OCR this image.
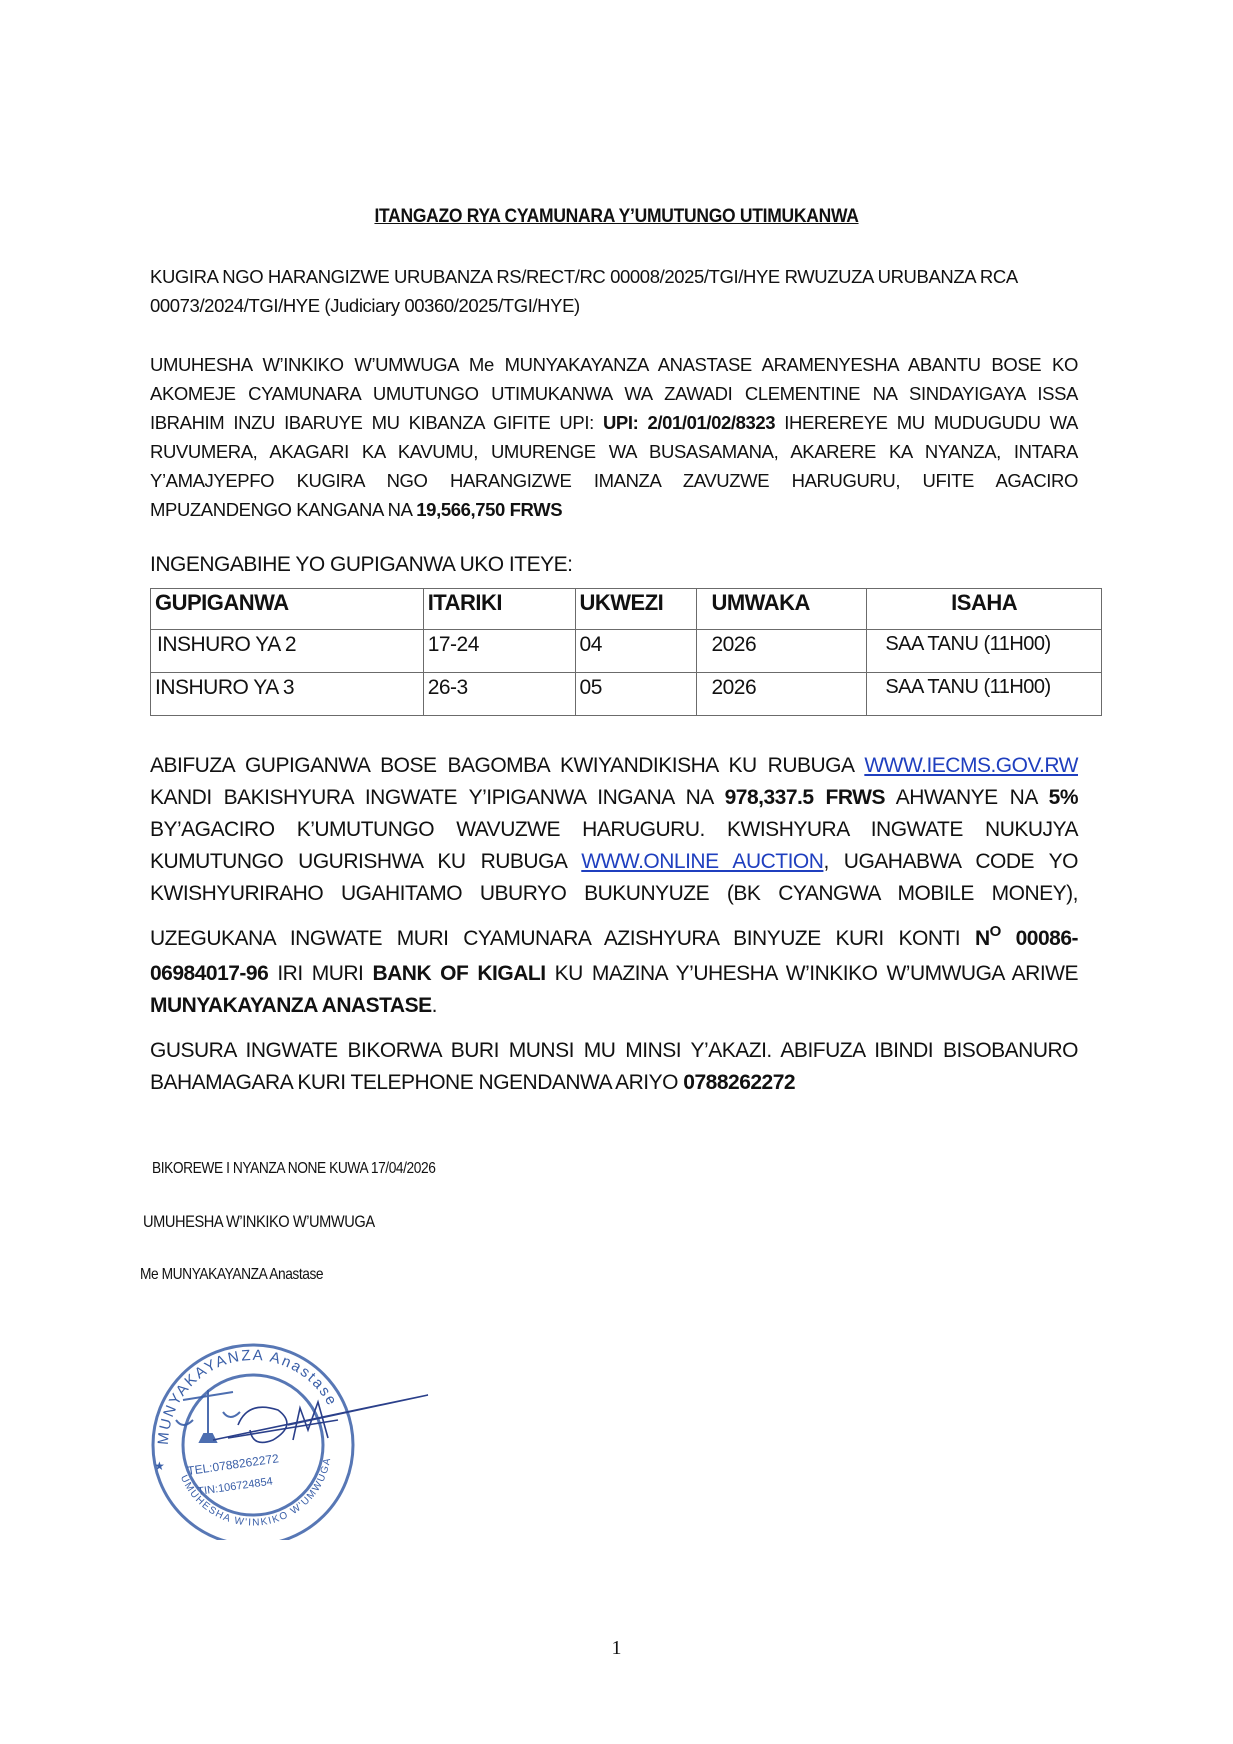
ITANGAZO RYA CYAMUNARA Y’UMUTUNGO UTIMUKANWA
KUGIRA NGO HARANGIZWE URUBANZA RS/RECT/RC 00008/2025/TGI/HYE RWUZUZA URUBANZA RCA
00073/2024/TGI/HYE (Judiciary 00360/2025/TGI/HYE)
UMUHESHA W’INKIKO W’UMWUGA Me MUNYAKAYANZA ANASTASE ARAMENYESHA ABANTU BOSE KO AKOMEJE CYAMUNARA UMUTUNGO UTIMUKANWA WA ZAWADI CLEMENTINE NA SINDAYIGAYA ISSA IBRAHIM INZU IBARUYE MU KIBANZA GIFITE UPI: UPI: 2/01/01/02/8323 IHEREREYE MU MUDUGUDU WA RUVUMERA, AKAGARI KA KAVUMU, UMURENGE WA BUSASAMANA, AKARERE KA NYANZA, INTARA Y’AMAJYEPFO KUGIRA NGO HARANGIZWE IMANZA ZAVUZWE HARUGURU, UFITE AGACIRO MPUZANDENGO KANGANA NA 19,566,750 FRWS
INGENGABIHE YO GUPIGANWA UKO ITEYE:
GUPIGANWA	ITARIKI	UKWEZI	UMWAKA	ISAHA
INSHURO YA 2	17-24	04	2026	SAA TANU (11H00)
INSHURO YA 3	26-3	05	2026	SAA TANU (11H00)
ABIFUZA GUPIGANWA BOSE BAGOMBA KWIYANDIKISHA KU RUBUGA WWW.IECMS.GOV.RW
KANDI BAKISHYURA INGWATE Y’IPIGANWA INGANA NA 978,337.5 FRWS AHWANYE NA 5%
BY’AGACIRO K’UMUTUNGO WAVUZWE HARUGURU. KWISHYURA INGWATE NUKUJYA
KUMUTUNGO UGURISHWA KU RUBUGA WWW.ONLINE AUCTION, UGAHABWA CODE YO
KWISHYURIRAHO UGAHITAMO UBURYO BUKUNYUZE (BK CYANGWA MOBILE MONEY),
UZEGUKANA INGWATE MURI CYAMUNARA AZISHYURA BINYUZE KURI KONTI $N^O$ 00086-
06984017-96 IRI MURI BANK OF KIGALI KU MAZINA Y’UHESHA W’INKIKO W’UMWUGA ARIWE
MUNYAKAYANZA ANASTASE.
GUSURA INGWATE BIKORWA BURI MUNSI MU MINSI Y’AKAZI. ABIFUZA IBINDI BISOBANURO
BAHAMAGARA KURI TELEPHONE NGENDANWA ARIYO 0788262272
BIKOREWE I NYANZA NONE KUWA 17/04/2026
UMUHESHA W’INKIKO W’UMWUGA
Me MUNYAKAYANZA Anastase
MUNYAKAYANZA Anastase
UMUHESHA W'INKIKO W'UMWUGA
★ TEL:0788262272
TIN:106724854
1
